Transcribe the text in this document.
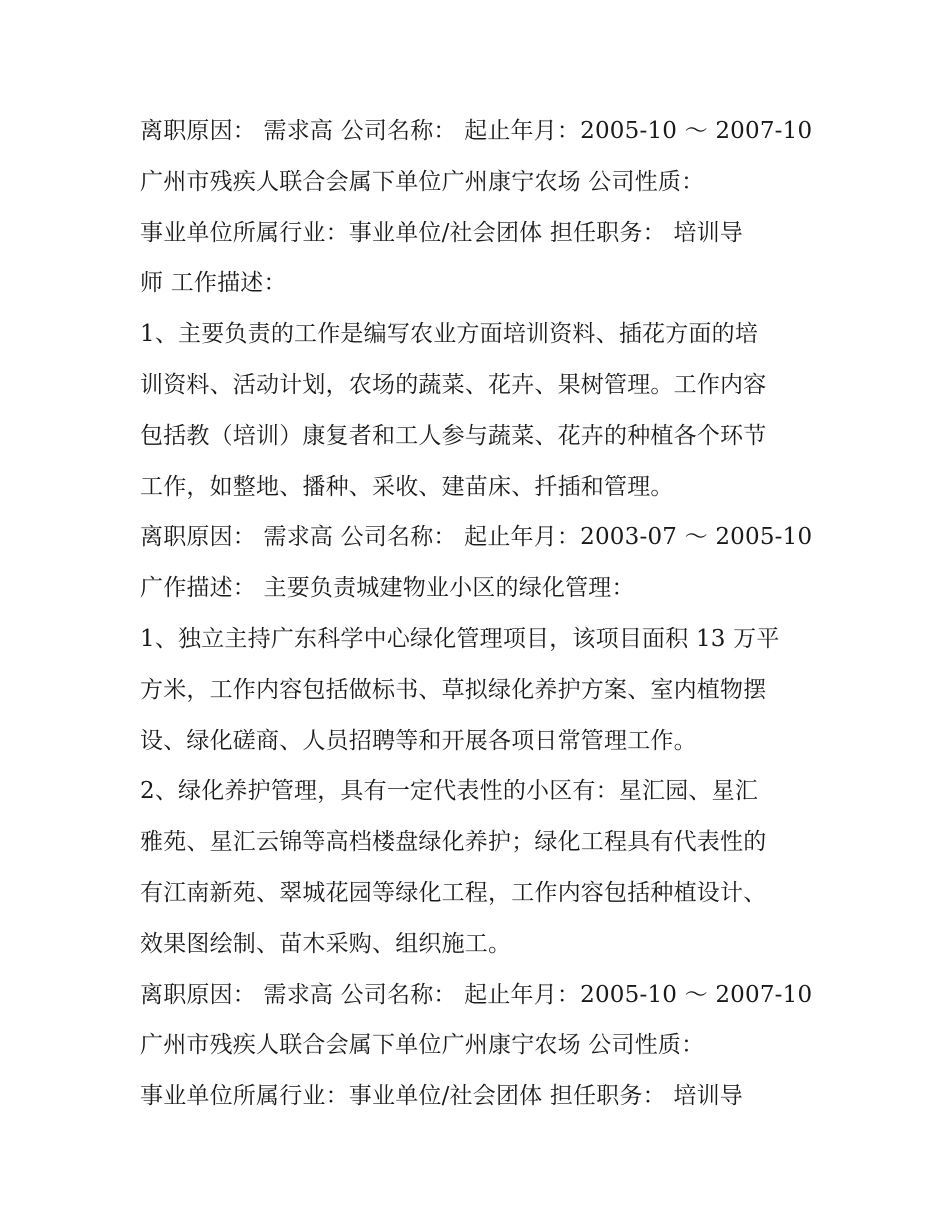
离职原因： 需求高 公司名称： 起止年月：2005-10 ～ 2007-10
广州市残疾人联合会属下单位广州康宁农场 公司性质：
事业单位所属行业：事业单位/社会团体 担任职务： 培训导
师 工作描述：
1、主要负责的工作是编写农业方面培训资料、插花方面的培
训资料、活动计划，农场的蔬菜、花卉、果树管理。工作内容
包括教（培训）康复者和工人参与蔬菜、花卉的种植各个环节
工作，如整地、播种、采收、建苗床、扦插和管理。
离职原因： 需求高 公司名称： 起止年月：2003-07 ～ 2005-10
广作描述： 主要负责城建物业小区的绿化管理：
1、独立主持广东科学中心绿化管理项目，该项目面积 13 万平
方米，工作内容包括做标书、草拟绿化养护方案、室内植物摆
设、绿化磋商、人员招聘等和开展各项日常管理工作。
2、绿化养护管理，具有一定代表性的小区有：星汇园、星汇
雅苑、星汇云锦等高档楼盘绿化养护；绿化工程具有代表性的
有江南新苑、翠城花园等绿化工程，工作内容包括种植设计、
效果图绘制、苗木采购、组织施工。
离职原因： 需求高 公司名称： 起止年月：2005-10 ～ 2007-10
广州市残疾人联合会属下单位广州康宁农场 公司性质：
事业单位所属行业：事业单位/社会团体 担任职务： 培训导
